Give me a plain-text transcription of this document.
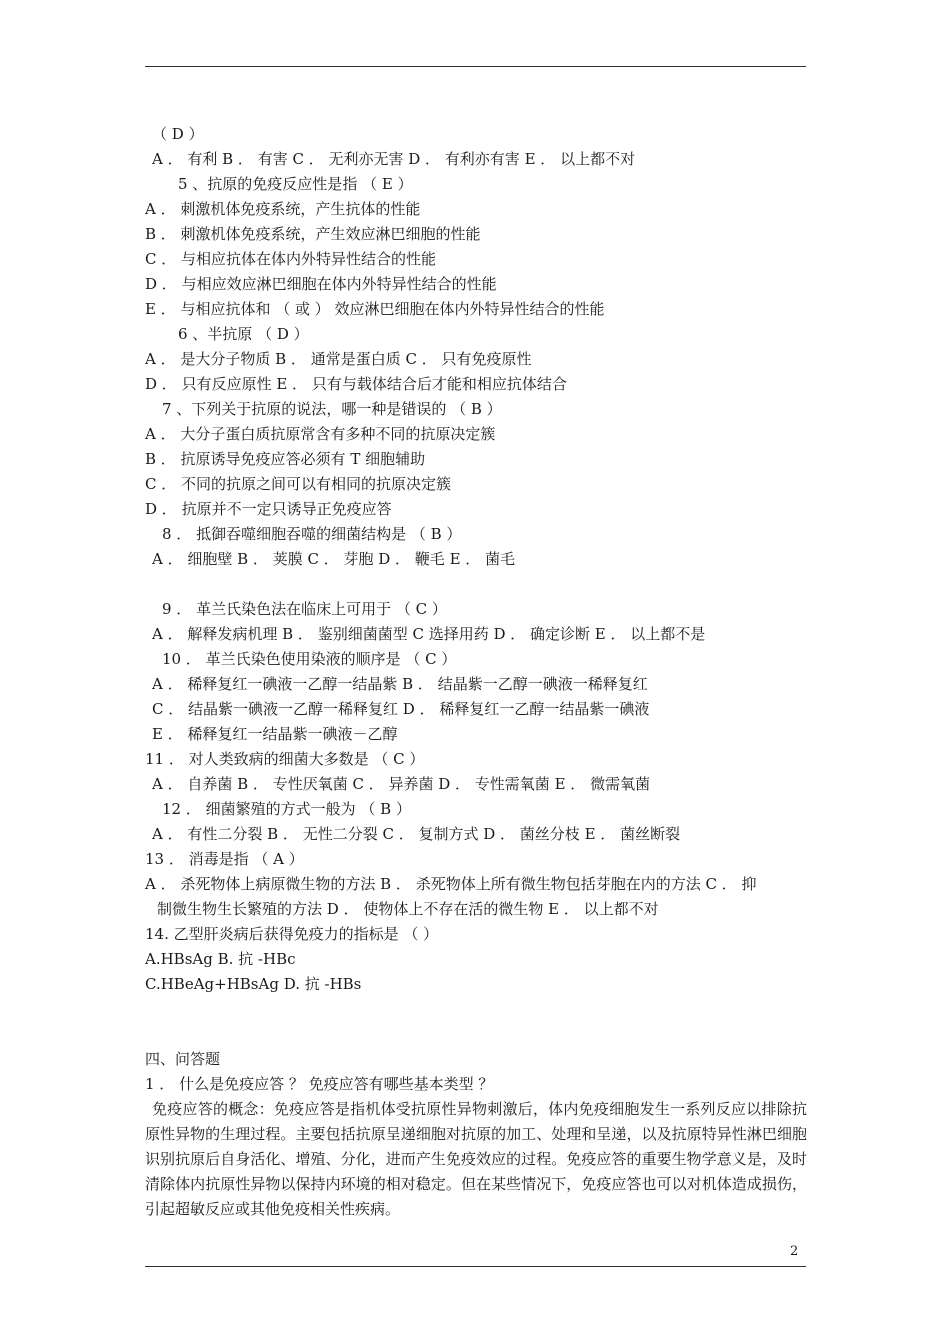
（ D ）
A ． 有利 B ． 有害 C ． 无利亦无害 D ． 有利亦有害 E ． 以上都不对
5 、抗原的免疫反应性是指 （ E ）
A ． 刺激机体免疫系统，产生抗体的性能
B ． 刺激机体免疫系统，产生效应淋巴细胞的性能
C ． 与相应抗体在体内外特异性结合的性能
D ． 与相应效应淋巴细胞在体内外特异性结合的性能
E ． 与相应抗体和 （ 或 ） 效应淋巴细胞在体内外特异性结合的性能
6 、半抗原 （ D ）
A ． 是大分子物质 B ． 通常是蛋白质 C ． 只有免疫原性
D ． 只有反应原性 E ． 只有与载体结合后才能和相应抗体结合
7 、下列关于抗原的说法，哪一种是错误的 （ B ）
A ． 大分子蛋白质抗原常含有多种不同的抗原决定簇
B ． 抗原诱导免疫应答必须有 T 细胞辅助
C ． 不同的抗原之间可以有相同的抗原决定簇
D ． 抗原并不一定只诱导正免疫应答
8 ． 抵御吞噬细胞吞噬的细菌结构是 （ B ）
A ． 细胞壁 B ． 荚膜 C ． 芽胞 D ． 鞭毛 E ． 菌毛
9 ． 革兰氏染色法在临床上可用于 （ C ）
A ． 解释发病机理 B ． 鉴别细菌菌型 C 选择用药 D ． 确定诊断 E ． 以上都不是
10 ． 革兰氏染色使用染液的顺序是 （ C ）
A ． 稀释复红一碘液一乙醇一结晶紫 B ． 结晶紫一乙醇一碘液一稀释复红
C ． 结晶紫一碘液一乙醇一稀释复红 D ． 稀释复红一乙醇一结晶紫一碘液
E ． 稀释复红一结晶紫一碘液－乙醇
11 ． 对人类致病的细菌大多数是 （ C ）
A ． 自养菌 B ． 专性厌氧菌 C ． 异养菌 D ． 专性需氧菌 E ． 微需氧菌
12 ． 细菌繁殖的方式一般为 （ B ）
A ． 有性二分裂 B ． 无性二分裂 C ． 复制方式 D ． 菌丝分枝 E ． 菌丝断裂
13 ． 消毒是指 （ A ）
A ． 杀死物体上病原微生物的方法 B ． 杀死物体上所有微生物包括芽胞在内的方法 C ． 抑
制微生物生长繁殖的方法 D ． 使物体上不存在活的微生物 E ． 以上都不对
14. 乙型肝炎病后获得免疫力的指标是 （ ）
A.HBsAg B. 抗 -HBc
C.HBeAg+HBsAg D. 抗 -HBs
四、问答题
1 ． 什么是免疫应答 ？ 免疫应答有哪些基本类型 ？
免疫应答的概念：免疫应答是指机体受抗原性异物刺激后，体内免疫细胞发生一系列反应以排除抗原性异物的生理过程。主要包括抗原呈递细胞对抗原的加工、处理和呈递，以及抗原特异性淋巴细胞识别抗原后自身活化、增殖、分化，进而产生免疫效应的过程。免疫应答的重要生物学意义是，及时清除体内抗原性异物以保持内环境的相对稳定。但在某些情况下，免疫应答也可以对机体造成损伤，引起超敏反应或其他免疫相关性疾病。
2
